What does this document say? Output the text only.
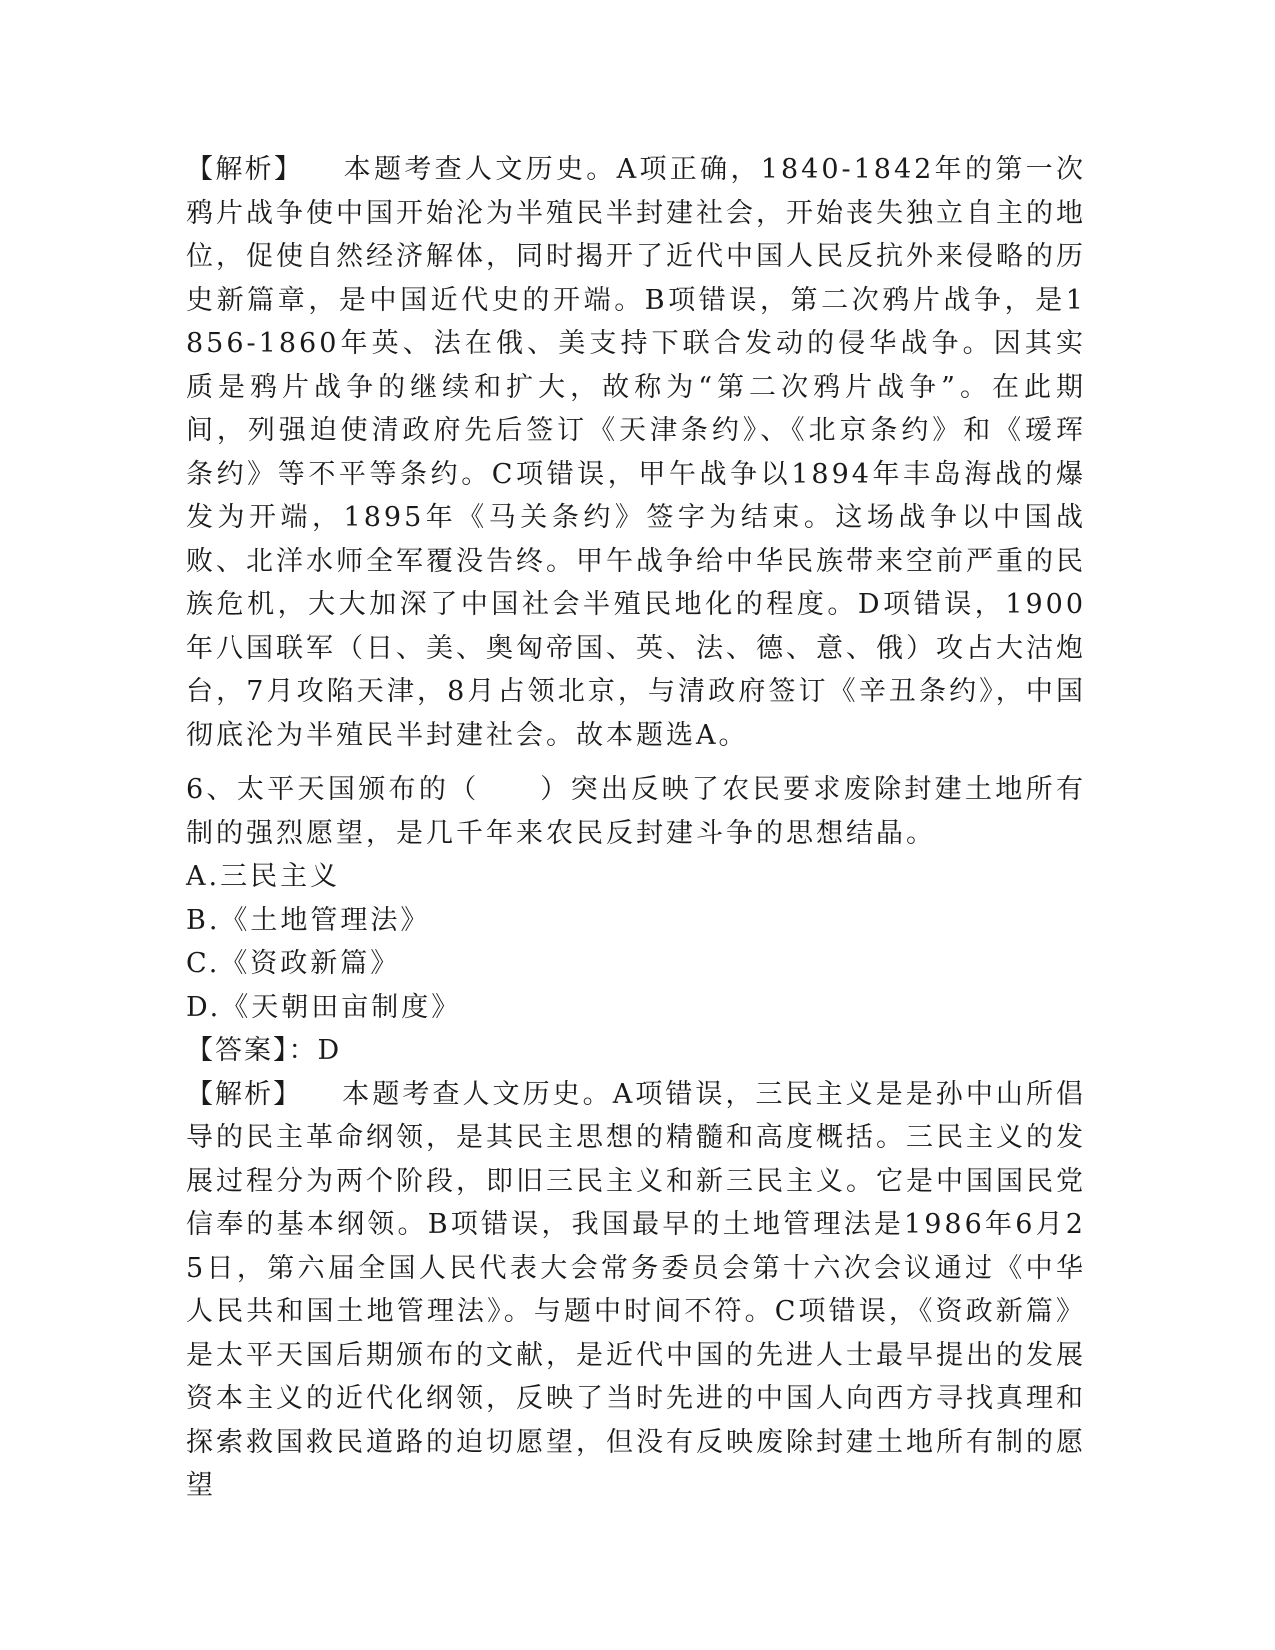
【解析】 本题考查人文历史。A项正确，1840-1842年的第一次鸦片战争使中国开始沦为半殖民半封建社会，开始丧失独立自主的地位，促使自然经济解体，同时揭开了近代中国人民反抗外来侵略的历史新篇章，是中国近代史的开端。B项错误，第二次鸦片战争，是1856-1860年英、法在俄、美支持下联合发动的侵华战争。因其实质是鸦片战争的继续和扩大，故称为“第二次鸦片战争”。在此期间，列强迫使清政府先后签订《天津条约》、《北京条约》和《瑷珲条约》等不平等条约。C项错误，甲午战争以1894年丰岛海战的爆发为开端，1895年《马关条约》签字为结束。这场战争以中国战败、北洋水师全军覆没告终。甲午战争给中华民族带来空前严重的民族危机，大大加深了中国社会半殖民地化的程度。D项错误，1900年八国联军（日、美、奥匈帝国、英、法、德、意、俄）攻占大沽炮台，7月攻陷天津，8月占领北京，与清政府签订《辛丑条约》，中国彻底沦为半殖民半封建社会。故本题选A。

6、太平天国颁布的（　　）突出反映了农民要求废除封建土地所有制的强烈愿望，是几千年来农民反封建斗争的思想结晶。

A.三民主义

B.《土地管理法》

C.《资政新篇》

D.《天朝田亩制度》

【答案】：D

【解析】 本题考查人文历史。A项错误，三民主义是是孙中山所倡导的民主革命纲领，是其民主思想的精髓和高度概括。三民主义的发展过程分为两个阶段，即旧三民主义和新三民主义。它是中国国民党信奉的基本纲领。B项错误，我国最早的土地管理法是1986年6月25日，第六届全国人民代表大会常务委员会第十六次会议通过《中华人民共和国土地管理法》。与题中时间不符。C项错误，《资政新篇》是太平天国后期颁布的文献，是近代中国的先进人士最早提出的发展资本主义的近代化纲领，反映了当时先进的中国人向西方寻找真理和探索救国救民道路的迫切愿望，但没有反映废除封建土地所有制的愿望
